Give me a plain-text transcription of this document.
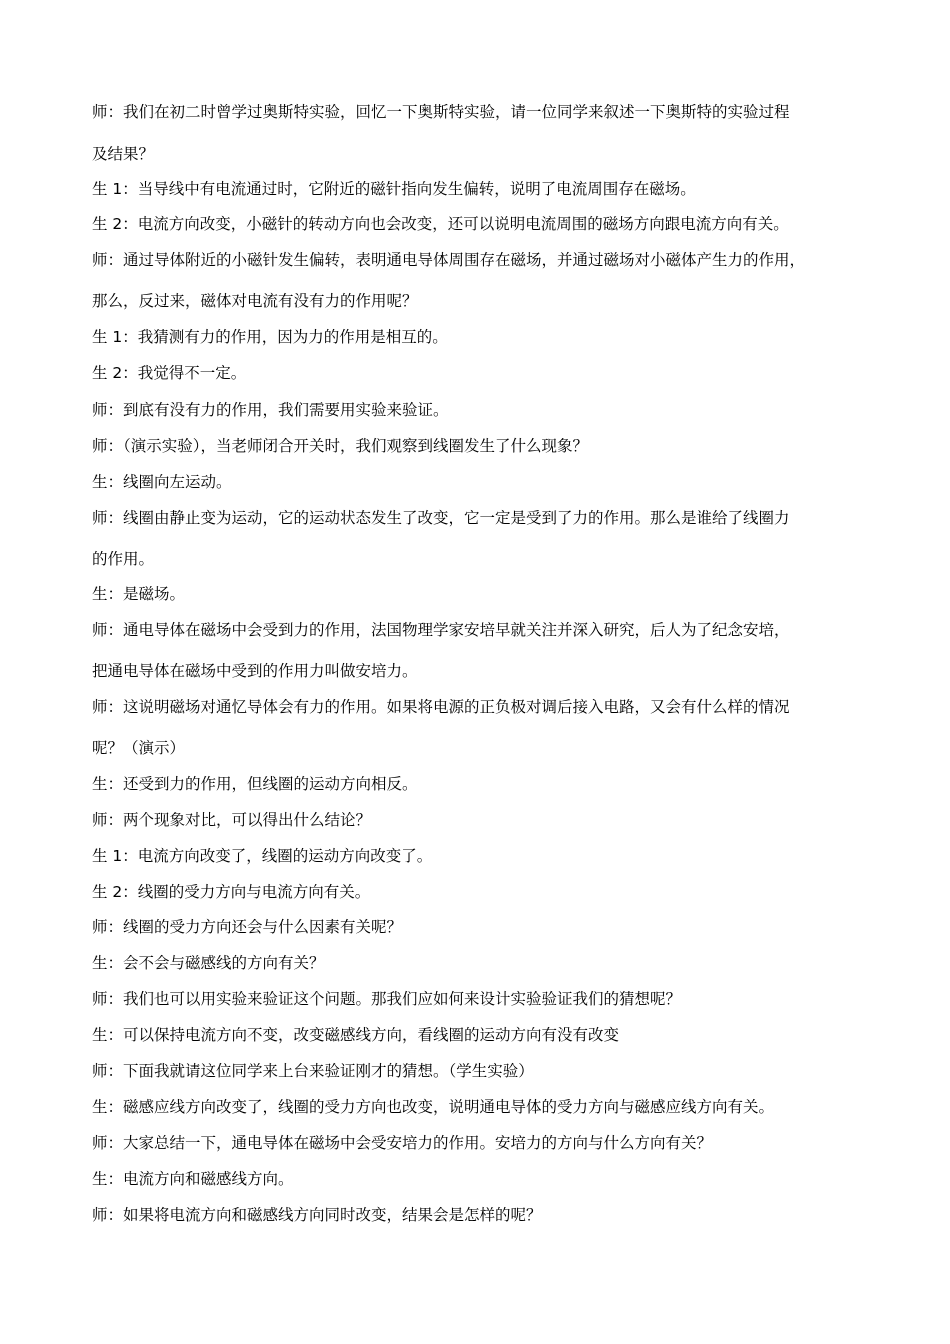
师：我们在初二时曾学过奥斯特实验，回忆一下奥斯特实验，请一位同学来叙述一下奥斯特的实验过程
及结果？
生 1：当导线中有电流通过时，它附近的磁针指向发生偏转，说明了电流周围存在磁场。
生 2：电流方向改变，小磁针的转动方向也会改变，还可以说明电流周围的磁场方向跟电流方向有关。
师：通过导体附近的小磁针发生偏转，表明通电导体周围存在磁场，并通过磁场对小磁体产生力的作用，
那么，反过来，磁体对电流有没有力的作用呢？
生 1：我猜测有力的作用，因为力的作用是相互的。
生 2：我觉得不一定。
师：到底有没有力的作用，我们需要用实验来验证。
师：（演示实验），当老师闭合开关时，我们观察到线圈发生了什么现象？
生：线圈向左运动。
师：线圈由静止变为运动，它的运动状态发生了改变，它一定是受到了力的作用。那么是谁给了线圈力
的作用。
生：是磁场。
师：通电导体在磁场中会受到力的作用，法国物理学家安培早就关注并深入研究，后人为了纪念安培，
把通电导体在磁场中受到的作用力叫做安培力。
师：这说明磁场对通忆导体会有力的作用。如果将电源的正负极对调后接入电路，又会有什么样的情况
呢？（演示）
生：还受到力的作用，但线圈的运动方向相反。
师：两个现象对比，可以得出什么结论？
生 1：电流方向改变了，线圈的运动方向改变了。
生 2：线圈的受力方向与电流方向有关。
师：线圈的受力方向还会与什么因素有关呢？
生：会不会与磁感线的方向有关？
师：我们也可以用实验来验证这个问题。那我们应如何来设计实验验证我们的猜想呢？
生：可以保持电流方向不变，改变磁感线方向，看线圈的运动方向有没有改变
师：下面我就请这位同学来上台来验证刚才的猜想。（学生实验）
生：磁感应线方向改变了，线圈的受力方向也改变，说明通电导体的受力方向与磁感应线方向有关。
师：大家总结一下，通电导体在磁场中会受安培力的作用。安培力的方向与什么方向有关？
生：电流方向和磁感线方向。
师：如果将电流方向和磁感线方向同时改变，结果会是怎样的呢？
